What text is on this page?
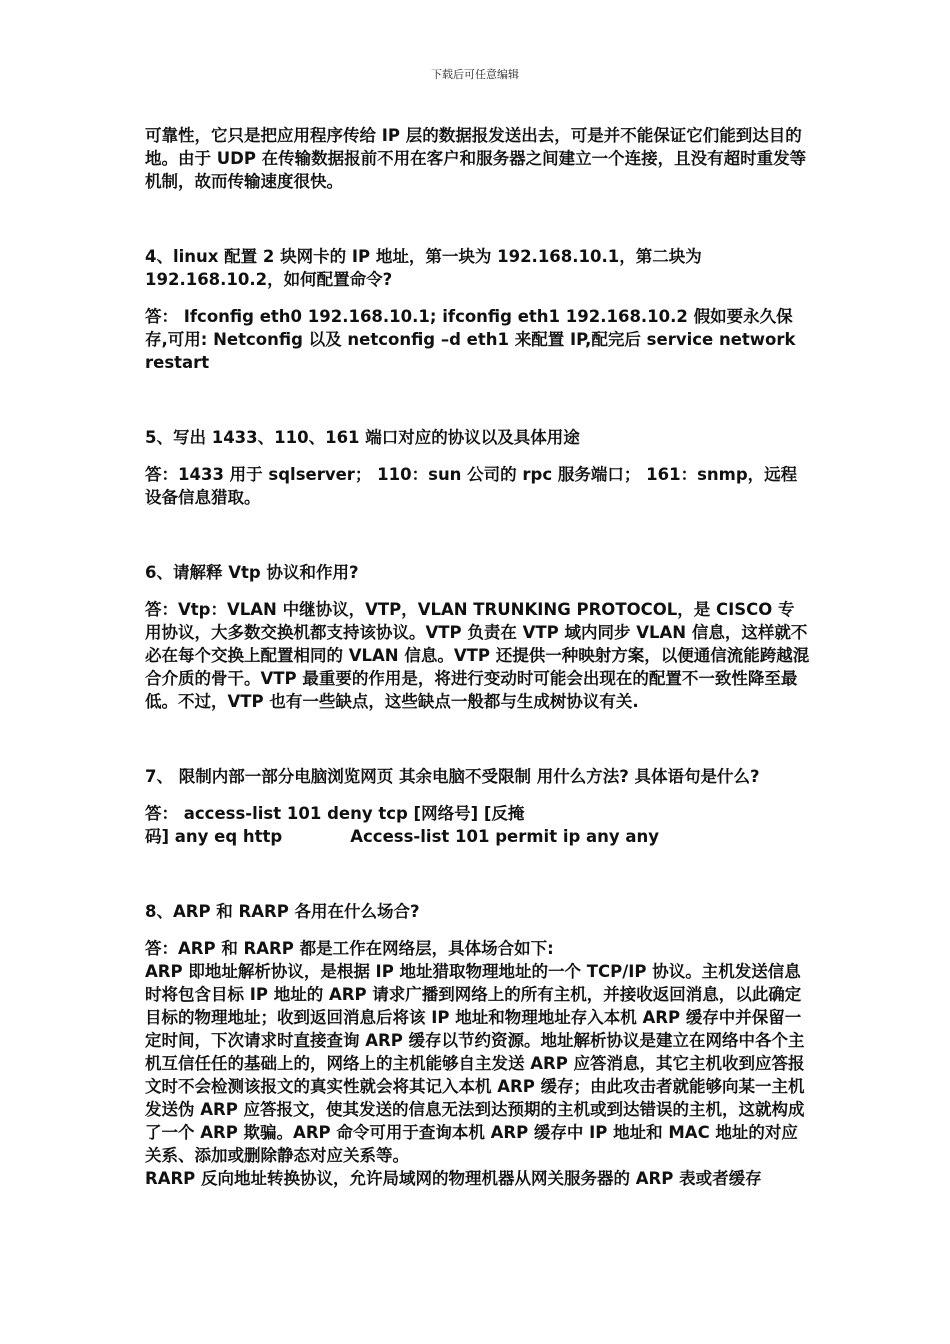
下载后可任意编辑

可靠性，它只是把应用程序传给 IP 层的数据报发送出去，可是并不能保证它们能到达目的地。由于 UDP 在传输数据报前不用在客户和服务器之间建立一个连接，且没有超时重发等机制，故而传输速度很快。

4、linux 配置 2 块网卡的 IP 地址，第一块为 192.168.10.1，第二块为192.168.10.2，如何配置命令?

答： Ifconfig eth0 192.168.10.1; ifconfig eth1 192.168.10.2 假如要永久保存,可用: Netconfig 以及 netconfig –d eth1 来配置 IP,配完后 service network restart

5、写出 1433、110、161 端口对应的协议以及具体用途

答：1433 用于 sqlserver； 110：sun 公司的 rpc 服务端口； 161：snmp，远程设备信息猎取。

6、请解释 Vtp 协议和作用?

答：Vtp：VLAN 中继协议，VTP，VLAN TRUNKING PROTOCOL，是 CISCO 专用协议，大多数交换机都支持该协议。VTP 负责在 VTP 域内同步 VLAN 信息，这样就不必在每个交换上配置相同的 VLAN 信息。VTP 还提供一种映射方案，以便通信流能跨越混合介质的骨干。VTP 最重要的作用是，将进行变动时可能会出现在的配置不一致性降至最低。不过，VTP 也有一些缺点，这些缺点一般都与生成树协议有关.

7、 限制内部一部分电脑浏览网页 其余电脑不受限制 用什么方法? 具体语句是什么?

答： access-list 101 deny tcp [网络号] [反掩

码] any eq http	Access-list 101 permit ip any any

8、ARP 和 RARP 各用在什么场合?

答：ARP 和 RARP 都是工作在网络层，具体场合如下:

ARP 即地址解析协议，是根据 IP 地址猎取物理地址的一个 TCP/IP 协议。主机发送信息时将包含目标 IP 地址的 ARP 请求广播到网络上的所有主机，并接收返回消息，以此确定目标的物理地址；收到返回消息后将该 IP 地址和物理地址存入本机 ARP 缓存中并保留一定时间，下次请求时直接查询 ARP 缓存以节约资源。地址解析协议是建立在网络中各个主机互信任任的基础上的，网络上的主机能够自主发送 ARP 应答消息，其它主机收到应答报文时不会检测该报文的真实性就会将其记入本机 ARP 缓存；由此攻击者就能够向某一主机发送伪 ARP 应答报文，使其发送的信息无法到达预期的主机或到达错误的主机，这就构成了一个 ARP 欺骗。ARP 命令可用于查询本机 ARP 缓存中 IP 地址和 MAC 地址的对应关系、添加或删除静态对应关系等。

RARP 反向地址转换协议，允许局域网的物理机器从网关服务器的 ARP 表或者缓存
